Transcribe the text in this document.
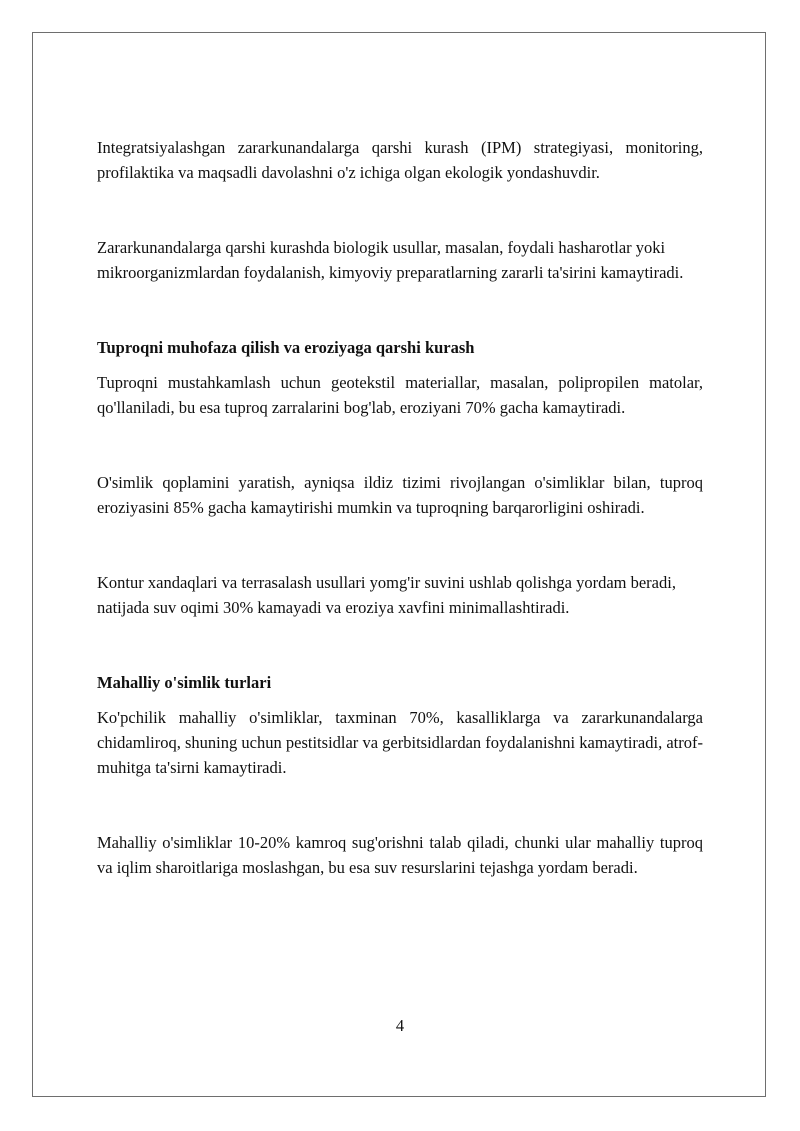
Integratsiyalashgan zararkunandalarga qarshi kurash (IPM) strategiyasi, monitoring, profilaktika va maqsadli davolashni o'z ichiga olgan ekologik yondashuvdir.

Zararkunandalarga qarshi kurashda biologik usullar, masalan, foydali hasharotlar yoki mikroorganizmlardan foydalanish, kimyoviy preparatlarning zararli ta'sirini kamaytiradi.

Tuproqni muhofaza qilish va eroziyaga qarshi kurash

Tuproqni mustahkamlash uchun geotekstil materiallar, masalan, polipropilen matolar, qo'llaniladi, bu esa tuproq zarralarini bog'lab, eroziyani 70% gacha kamaytiradi.

O'simlik qoplamini yaratish, ayniqsa ildiz tizimi rivojlangan o'simliklar bilan, tuproq eroziyasini 85% gacha kamaytirishi mumkin va tuproqning barqarorligini oshiradi.

Kontur xandaqlari va terrasalash usullari yomg'ir suvini ushlab qolishga yordam beradi, natijada suv oqimi 30% kamayadi va eroziya xavfini minimallashtiradi.

Mahalliy o'simlik turlari

Ko'pchilik mahalliy o'simliklar, taxminan 70%, kasalliklarga va zararkunandalarga chidamliroq, shuning uchun pestitsidlar va gerbitsidlardan foydalanishni kamaytiradi, atrof-muhitga ta'sirni kamaytiradi.

Mahalliy o'simliklar 10-20% kamroq sug'orishni talab qiladi, chunki ular mahalliy tuproq va iqlim sharoitlariga moslashgan, bu esa suv resurslarini tejashga yordam beradi.

4
